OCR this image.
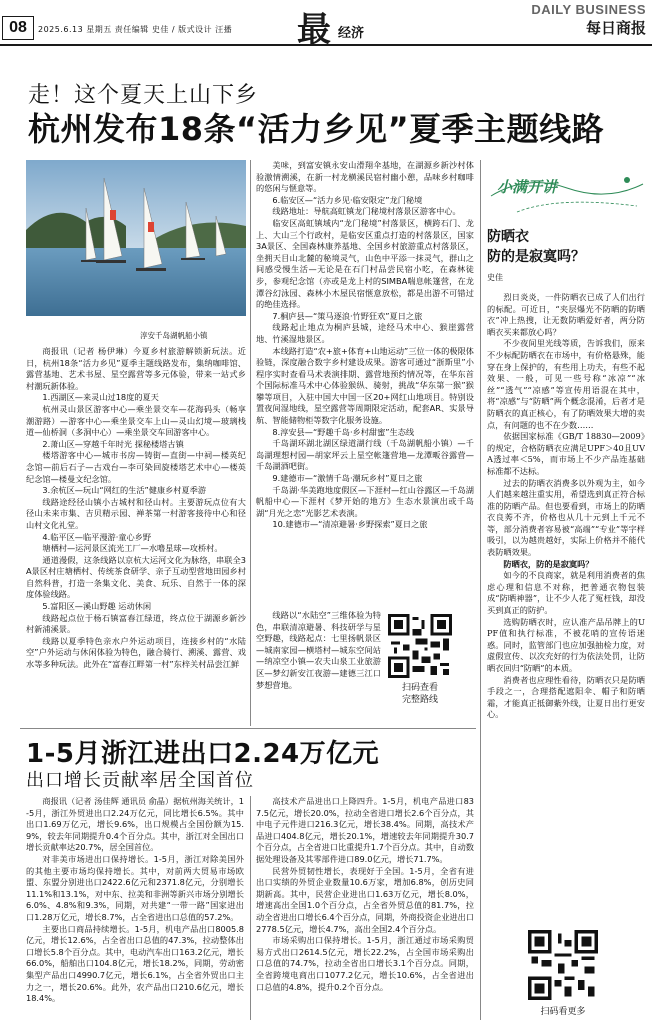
08	2025.6.13 星期五 责任编辑 史佳 / 版式设计 汪播 最 经济
DAILY BUSINESS
每日商报
走！这个夏天上山下乡
杭州发布18条“活力乡见”夏季主题线路
淳安千岛湖帆船小镇

商报讯（记者 杨伊琳）今夏乡村旅游解锁新玩法。近日，杭州18条“活力乡见”夏季主题线路发布，集纳咖啡馆、露营基地、艺术书屋、星空露营等多元体验，带来一站式乡村潮玩新体验。

1.西湖区—来灵山过18度的夏天

杭州灵山景区游客中心—乘坐景交车—花海码头（畅享潮游路）—游客中心—乘坐景交车上山—灵山幻境—玻璃栈道—仙桥洞（多洞中心）—乘坐景交车回游客中心。

2.萧山区—穿越千年时光 探秘楼塔古镇

楼塔游客中心—城市书房—铸街—直街—中祠—楼英纪念馆—前后石子—古戏台—李可染回旋楼塔艺术中心—楼英纪念馆—楼曼文纪念馆。

3.余杭区—玩山“网红的生活”健康乡村夏季游

线路途经径山镇小古城村和径山村。主要游玩点位有大径山未来市集、吉贝精示园、禅茶第一村游客接待中心和径山村文化礼堂。

4.临平区—临平漫游·童心乡野

塘栖村—运河景区流光工厂—水噜星球—攻桥村。

通道漫假，这条线路以京杭大运河文化为脉络，串联全3A景区村庄塘栖村、传统茶食研学、亲子互动型营地田园乡村自然科普，打造一条集文化、美食、玩乐、自然于一体的深度体验线路。

5.富阳区—溪山野趣 运动休闲

线路起点位于杨石镇富春江绿道，终点位于湖源乡新沙村新浦溪景。

线路以夏季特色亲水户外运动项目，连接乡村的“水陆空”户外运动与休闲体验为特色，融合骑行、溯溪、露营、戏水等多种玩法。此外在“富春江畔第一村”东梓关村品尝江鲜

美味，到富安镇永安山滑翔伞基地，在湖源乡新沙村体验激情溯溪，在新一村龙横溪民宿村幽小憩，品味乡村咖啡的悠闲与惬意等。

6.临安区—“活力乡见·临安限定”龙门秘境

线路地址：导航高虹镇龙门秘境村落景区游客中心。

临安区高虹镇域内“龙门秘境”村落景区，横跨石门、龙上、大山三个行政村，是临安区重点打造的村落景区，国家3A景区、全国森林康养基地、全国乡村旅游重点村落景区，坐拥天目山北麓的秘境灵气，山色中平添一抹灵气，群山之间感受慢生活—无论是在石门村品尝民宿小吃，在森林徒步，参观纪念馆（亦或是龙上村的SIMBA喘息帐篷营，在龙潭谷幻泳园、森林小木屋民宿惬意放松，都是出游不可错过的绝佳选择。

7.桐庐县—“策马逐浪·竹野狂欢”夏日之旅

线路起止地点为桐庐县城，途经马术中心、猴崖露营地、竹溪湿地景区。

本线路打造“农+旅+体育+山地运动”三位一体的极限体验链，深度融合数字乡村建设成果。游客可通过“浙斯里”小程序实时查看马术表演排期、露营地预约情况等，在华东首个国际标准马术中心体验猴纵、骑射，挑战“华东第一猴”猴攀等项目，入驻中国大中国一区20+网红山地项目。特别设置夜间湿地线，星空露营等周期限定活动，配套AR、实景导航、智能储物柜等数字化服务设施。

8.淳安县—“野趣千岛·乡村甜蜜”生态线

千岛湖环湖北湖区绿道湖行线（千岛湖帆船小镇）—千岛湖理想村园—胡家坪云上星空帐篷营地—龙潭畈谷露营—千岛湖酒吧街。

9.建德市—“激情千岛·潮玩乡村”夏日之旅

千岛湖·华美跑地度假区—下涯村—红山谷露区—千岛湖帆船中心—下涯村《梦开始的地方》生态水景演出或千岛湖“月光之恋”光影艺术表演。

10.建德市—“清凉避暑·乡野探索”夏日之旅

线路以“水陆空”三维体验为特色，串联清凉避暑、科技研学与星空野趣，线路起点：七里扬帆景区—城南家园—横塔村—城东空间站—纳凉空小镇—农夫山泉工业旅游区—梦幻新安江夜游—建德三江口梦想营地。	扫码查看
完整路线
小满开讲
防晒衣
防的是寂寞吗？
史佳

烈日炎炎，一件防晒衣已成了人们出行的标配。可近日，“夹层爆光不防晒的防晒衣”冲上热搜，让无数防晒爱好者，两分防晒衣买来都放心吗？

不少夜间里光线等质，告诉我们，原来不少标配防晒衣在市场中，有价格悬殊，能穿在身上保护的，有些用上功夫，有些不起效果、一般，可见一些号称“冰凉”“冰丝”“透气”“凉感”等宣传用语混在其中，将“凉感”与“防晒”两个概念混淆，后者才是防晒衣的真正核心，有了防晒效果大增的卖点，有问题的也不在少数……

依据国家标准《GB/T 18830—2009》的规定，合格防晒衣应满足UPF＞40且UVA透过率＜5%，而市场上不少产品连基础标准都不达标。

过去的防晒衣消费多以外观为主，如今人们越来越注重实用，希望选到真正符合标准的防晒产品。但也要看到，市场上的防晒衣良莠不齐，价格也从几十元到上千元不等，部分消费者容易被“高端”“专业”等字样吸引，以为越贵越好，实际上价格并不能代表防晒效果。

防晒衣，防的是寂寞吗？

如今的不良商家，就是利用消费者的焦虑心理和信息不对称，把普通衣物包装成“防晒神器”，让不少人花了冤枉钱，却没买到真正的防护。

选购防晒衣时，应认准产品吊牌上的UPF值和执行标准，不被花哨的宣传语迷惑。同时，监管部门也应加强抽检力度，对虚假宣传、以次充好的行为依法处罚，让防晒衣回归“防晒”的本质。

消费者也应理性看待，防晒衣只是防晒手段之一，合理搭配遮阳伞、帽子和防晒霜，才能真正抵御紫外线，让夏日出行更安心。

扫码看更多
1-5月浙江进出口2.24万亿元
出口增长贡献率居全国首位

商报讯（记者 汤佳辉 通讯员 俞晶）据杭州海关统计，1-5月，浙江外贸进出口2.24万亿元，同比增长6.5%。其中出口1.69万亿元，增长9.6%，出口规模占全国份额为15.9%，较去年同期提升0.4个百分点。其中，浙江对全国出口增长贡献率达20.7%，居全国首位。

对非美市场进出口保持增长。1-5月，浙江对除美国外的其他主要市场均保持增长。其中，对前两大贸易市场欧盟、东盟分别进出口2422.6亿元和2371.8亿元，分别增长11.1%和13.1%，对中东、拉美和非洲等新兴市场分别增长6.0%、4.8%和9.3%，同期，对共建“一带一路”国家进出口1.28万亿元，增长8.7%，占全省进出口总值的57.2%。

主要出口商品持续增长。1-5月，机电产品出口8005.8亿元，增长12.6%，占全省出口总值的47.3%，拉动整体出口增长5.8个百分点。其中，电动汽车出口163.2亿元，增长66.0%，船舶出口104.8亿元，增长18.2%，同期，劳动密集型产品出口4990.7亿元，增长6.1%，占全省外贸出口主力之一，增长20.6%。此外，农产品出口210.6亿元，增长18.4%。

高技术产品进出口上降四升。1-5月，机电产品进口837.5亿元，增长20.0%，拉动全省进口增长2.6个百分点，其中电子元件进口216.3亿元，增长38.4%。同期，高技术产品进口404.8亿元，增长20.1%，增速较去年同期提升30.7个百分点，占全省进口比重提升1.7个百分点。其中，自动数据处理设备及其零部件进口89.0亿元，增长71.7%。

民营外贸韧性增长，表现好于全国。1-5月，全省有进出口实绩的外贸企业数量10.6万家，增加6.8%，创历史同期新高。其中，民营企业进出口1.63万亿元，增长8.0%，增速高出全国1.0个百分点，占全省外贸总值的81.7%，拉动全省进出口增长6.4个百分点，同期，外商投资企业进出口2778.5亿元，增长4.7%，高出全国2.4个百分点。

市场采购出口保持增长。1-5月，浙江通过市场采购贸易方式出口2614.5亿元，增长22.2%，占全国市场采购出口总值的74.7%，拉动全省出口增长3.1个百分点。同期，全省跨境电商出口1077.2亿元，增长10.6%，占全省进出口总值的4.8%，提升0.2个百分点。
